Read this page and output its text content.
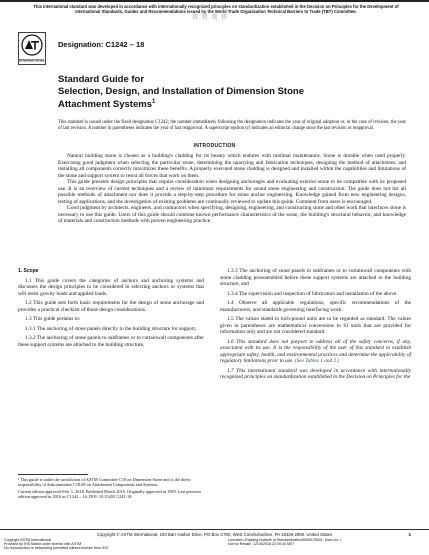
This international standard was developed in accordance with internationally recognized principles on standardization established in the Decision on Principles for the Development of International Standards, Guides and Recommendations issued by the World Trade Organization Technical Barriers to Trade (TBT) Committee.
我 我 我 我
INTERNATIONAL
Designation: C1242 – 18
Standard Guide for
Selection, Design, and Installation of Dimension Stone
Attachment Systems$^1$
This standard is issued under the fixed designation C1242; the number immediately following the designation indicates the year of original adoption or, in the case of revision, the year of last revision. A number in parentheses indicates the year of last reapproval. A superscript epsilon (ε) indicates an editorial change since the last revision or reapproval.
INTRODUCTION

Natural building stone is chosen as a building's cladding for its beauty which endures with minimal maintenance. Stone is durable when used properly. Exercising good judgment when selecting the particular stone, determining the quarrying and fabrication techniques, designing the method of attachment, and installing all components correctly maximizes these benefits. A properly executed stone cladding is designed and installed within the capabilities and limitations of the stone and support system to resist all forces that work on them.

This guide presents design principles that require consideration when designing anchorages and evaluating exterior stone to be compatible with its proposed use. It is an overview of current techniques and a review of minimum requirements for sound stone engineering and construction. The guide does not list all possible methods of attachment nor does it provide a step-by-step procedure for stone anchor engineering. Knowledge gained from new engineering designs, testing of applications, and the investigation of existing problems are continually reviewed to update this guide. Comment from users is encouraged.

Good judgment by architects, engineers, and contractors when specifying, designing, engineering, and constructing stone and other work that interfaces stone is necessary to use this guide. Users of this guide should combine known performance characteristics of the stone, the building's structural behavior, and knowledge of materials and construction methods with proven engineering practice.

1. Scope

1.1 This guide covers the categories of anchors and anchoring systems and discusses the design principles to be considered in selecting anchors or systems that will resist gravity loads and applied loads.

1.2 This guide sets forth basic requirements for the design of stone anchorage and provides a practical checklist of those design considerations.

1.3 This guide pertains to:

1.3.1 The anchoring of stone panels directly to the building structure for support,

1.3.2 The anchoring of stone panels to subframes or to curtainwall components after these support systems are attached to the building structure,

1.3.3 The anchoring of stone panels to subframes or to curtainwall components with stone cladding preassembled before these support systems are attached to the building structure, and

1.3.4 The supervision and inspection of fabrication and installation of the above.

1.4 Observe all applicable regulations, specific recommendations of the manufacturers, and standards governing interfacing work.

1.5 The values stated in inch-pound units are to be regarded as standard. The values given in parentheses are mathematical conversions to SI units that are provided for information only and are not considered standard.

1.6 This standard does not purport to address all of the safety concerns, if any, associated with its use. It is the responsibility of the user of this standard to establish appropriate safety, health, and environmental practices and determine the applicability of regulatory limitations prior to use. (See Tables 1 and 2.)

1.7 This international standard was developed in accordance with internationally recognized principles on standardization established in the Decision on Principles for the

¹ This guide is under the jurisdiction of ASTM Committee C18 on Dimension Stone and is the direct responsibility of Subcommittee C18.08 on Attachment Components and Systems.

Current edition approved Feb. 1, 2018. Published March 2018. Originally approved in 1993. Last previous edition approved in 2016 as C1242 – 16. DOI: 10.1520/C1242-18.

Copyright © ASTM International, 100 Barr Harbor Drive, PO Box C700, West Conshohocken, PA 19428-2959. United States	1
Copyright ASTM International
Provided by IHS Markit under license with ASTM
No reproduction or networking permitted without license from IHS
Licensee=Zhejiang Institute of Standardization/5958176001, User=xx, r
Not for Resale, 12/15/2018 22:09:30 MST
